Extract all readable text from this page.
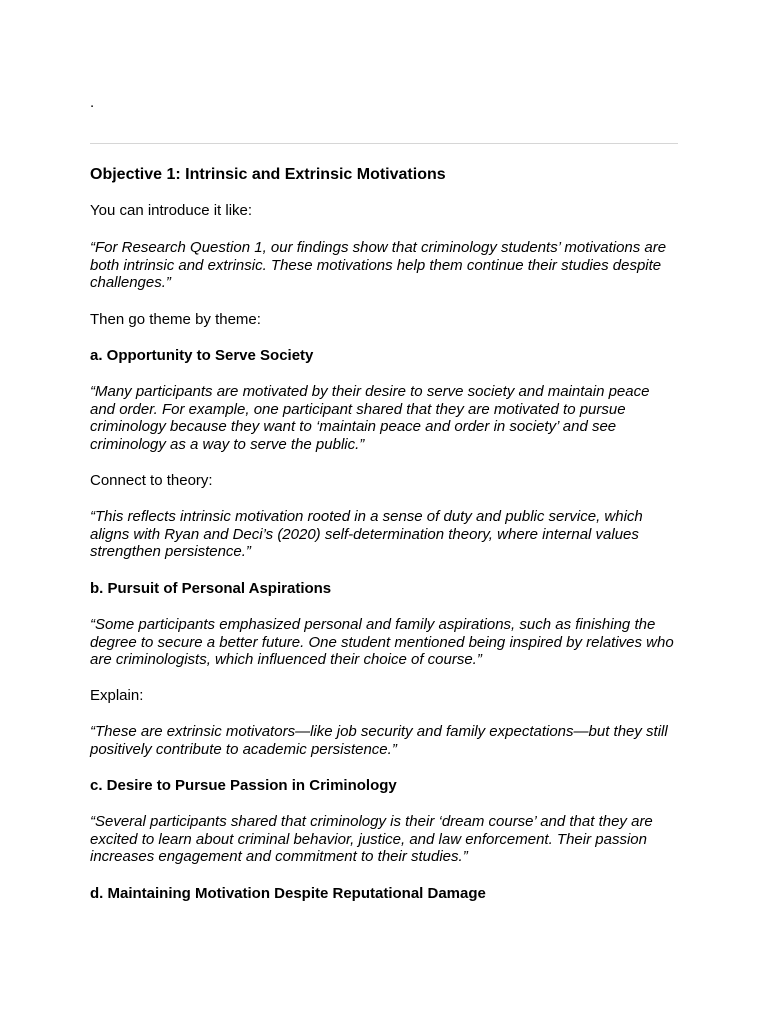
.
Objective 1: Intrinsic and Extrinsic Motivations

You can introduce it like:

“For Research Question 1, our findings show that criminology students’ motivations are both intrinsic and extrinsic. These motivations help them continue their studies despite challenges.”

Then go theme by theme:

a. Opportunity to Serve Society

“Many participants are motivated by their desire to serve society and maintain peace and order. For example, one participant shared that they are motivated to pursue criminology because they want to ‘maintain peace and order in society’ and see criminology as a way to serve the public.”

Connect to theory:

“This reflects intrinsic motivation rooted in a sense of duty and public service, which aligns with Ryan and Deci’s (2020) self-determination theory, where internal values strengthen persistence.”

b. Pursuit of Personal Aspirations

“Some participants emphasized personal and family aspirations, such as finishing the degree to secure a better future. One student mentioned being inspired by relatives who are criminologists, which influenced their choice of course.”

Explain:

“These are extrinsic motivators—like job security and family expectations—but they still positively contribute to academic persistence.”

c. Desire to Pursue Passion in Criminology

“Several participants shared that criminology is their ‘dream course’ and that they are excited to learn about criminal behavior, justice, and law enforcement. Their passion increases engagement and commitment to their studies.”

d. Maintaining Motivation Despite Reputational Damage
